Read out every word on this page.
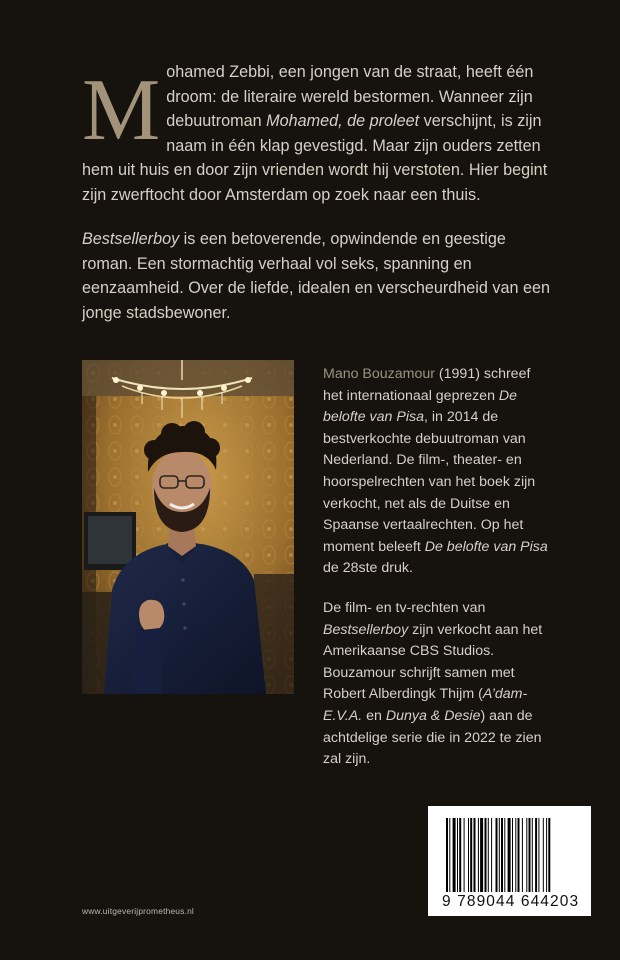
Mohamed Zebbi, een jongen van de straat, heeft één droom: de literaire wereld bestormen. Wanneer zijn debuutroman Mohamed, de proleet verschijnt, is zijn naam in één klap gevestigd. Maar zijn ouders zetten hem uit huis en door zijn vrienden wordt hij verstoten. Hier begint zijn zwerftocht door Amsterdam op zoek naar een thuis.

Bestsellerboy is een betoverende, opwindende en geestige roman. Een stormachtig verhaal vol seks, spanning en eenzaamheid. Over de liefde, idealen en verscheurdheid van een jonge stadsbewoner.

Mano Bouzamour (1991) schreef het internationaal geprezen De belofte van Pisa, in 2014 de bestverkochte debuutroman van Nederland. De film-, theater- en hoorspelrechten van het boek zijn verkocht, net als de Duitse en Spaanse vertaalrechten. Op het moment beleeft De belofte van Pisa de 28ste druk.

De film- en tv-rechten van Bestsellerboy zijn verkocht aan het Amerikaanse CBS Studios. Bouzamour schrijft samen met Robert Alberdingk Thijm (A’dam-E.V.A. en Dunya & Desie) aan de achtdelige serie die in 2022 te zien zal zijn.

9 789044 644203
www.uitgeverijprometheus.nl
